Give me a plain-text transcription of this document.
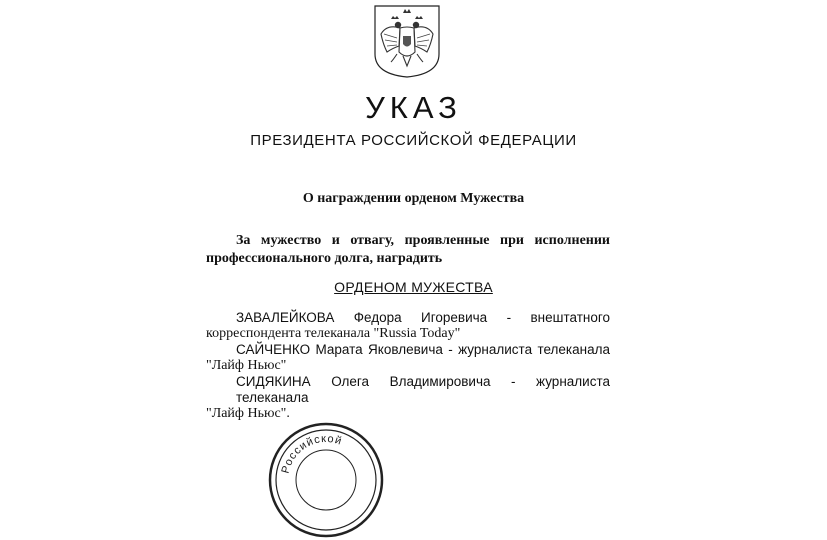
УКАЗ
ПРЕЗИДЕНТА РОССИЙСКОЙ ФЕДЕРАЦИИ
О награждении орденом Мужества
За мужество и отвагу, проявленные при исполнении
профессионального долга, наградить
ОРДЕНОМ МУЖЕСТВА
ЗАВАЛЕЙКОВА Федора Игоревича - внештатного
корреспондента телеканала "Russia Today"
САЙЧЕНКО Марата Яковлевича - журналиста телеканала
"Лайф Ньюс"
СИДЯКИНА Олега Владимировича - журналиста телеканала
"Лайф Ньюс".
Российской
